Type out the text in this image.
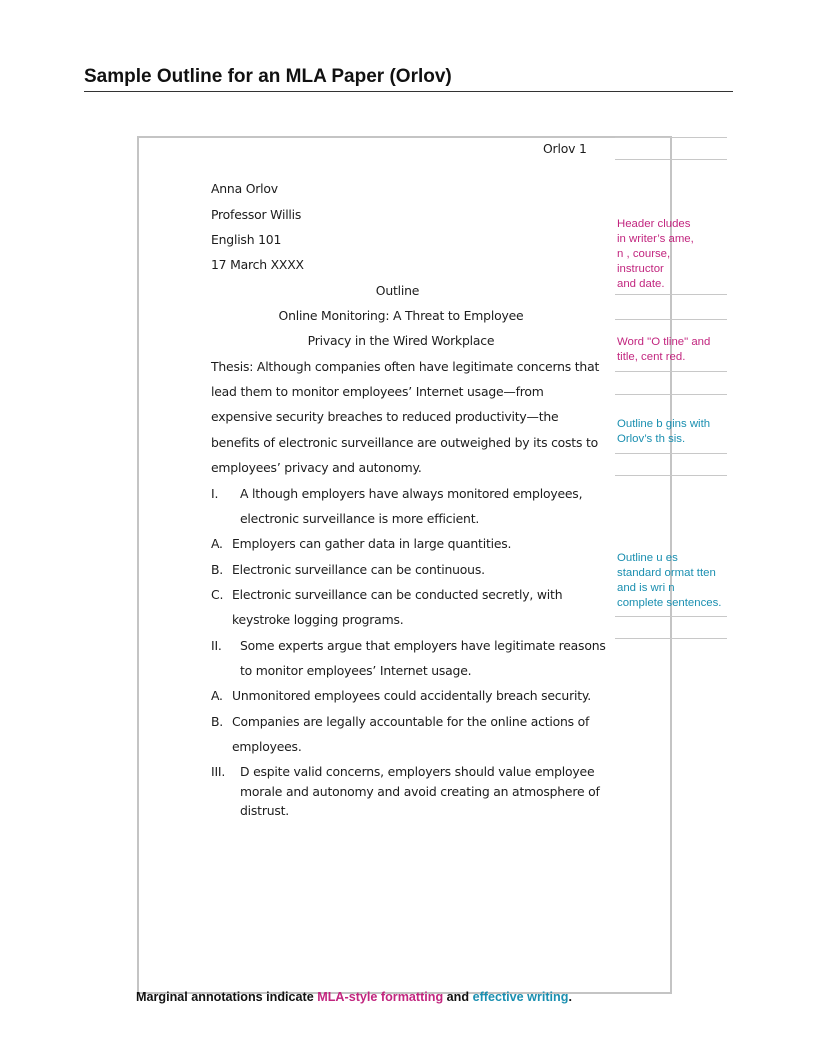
Sample Outline for an MLA Paper (Orlov)
Orlov 1
Anna Orlov
Professor Willis
English 101
17 March XXXX
Outline
Online Monitoring: A Threat to Employee
Privacy in the Wired Workplace
Thesis: Although companies often have legitimate concerns that
lead them to monitor employees’ Internet usage—from
expensive security breaches to reduced productivity—the
benefits of electronic surveillance are outweighed by its costs to
employees’ privacy and autonomy.
I. A lthough employers have always monitored employees,
electronic surveillance is more efficient.
A. Employers can gather data in large quantities.
B. Electronic surveillance can be continuous.
C. Electronic surveillance can be conducted secretly, with
keystroke logging programs.
II. Some experts argue that employers have legitimate reasons
to monitor employees’ Internet usage.
A. Unmonitored employees could accidentally breach security.
B. Companies are legally accountable for the online actions of
employees.
III. D espite valid concerns, employers should value employee
morale and autonomy and avoid creating an atmosphere of
distrust.
Header cludes
in writer’s ame,
n , course,
instructor
and date.
Word "O tline" and
title, cent red.
Outline b gins with
Orlov’s th sis.
Outline u es
standard ormat tten
and is wri n
complete sentences.
Marginal annotations indicate MLA-style formatting and effective writing.
